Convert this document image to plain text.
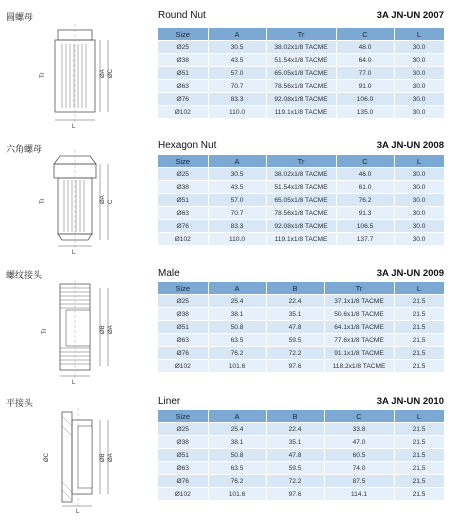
圆螺母
Tr	ØA ØC
L
Round Nut	3A JN-UN 2007
Size	A	Tr	C	L
Ø25	30.5	38.02x1/8 TACME	48.0	30.0
Ø38	43.5	51.54x1/8 TACME	64.0	30.0
Ø51	57.0	65.05x1/8 TACME	77.0	30.0
Ø63	70.7	78.56x1/8 TACME	91.0	30.0
Ø76	83.3	92.08x1/8 TACME	106.0	30.0
Ø102	110.0	119.1x1/8 TACME	135.0	30.0
六角螺母
Tr	ØA C
L
Hexagon Nut	3A JN-UN 2008
Size	A	Tr	C	L
Ø25	30.5	38.02x1/8 TACME	46.0	30.0
Ø38	43.5	51.54x1/8 TACME	61.0	30.0
Ø51	57.0	65.05x1/8 TACME	76.2	30.0
Ø63	70.7	78.56x1/8 TACME	91.3	30.0
Ø76	83.3	92.08x1/8 TACME	106.5	30.0
Ø102	110.0	119.1x1/8 TACME	137.7	30.0
螺纹接头
Tr	ØB ØA
L
Male	3A JN-UN 2009
Size	A	B	Tr	L
Ø25	25.4	22.4	37.1x1/8 TACME	21.5
Ø38	38.1	35.1	50.6x1/8 TACME	21.5
Ø51	50.8	47.8	64.1x1/8 TACME	21.5
Ø63	63.5	59.5	77.6x1/8 TACME	21.5
Ø76	76.2	72.2	91.1x1/8 TACME	21.5
Ø102	101.6	97.6	118.2x1/8 TACME	21.5
平接头
ØC	ØB ØA
L
Liner	3A JN-UN 2010
Size	A	B	C	L
Ø25	25.4	22.4	33.8	21.5
Ø38	38.1	35.1	47.0	21.5
Ø51	50.8	47.8	60.5	21.5
Ø63	63.5	59.5	74.0	21.5
Ø76	76.2	72.2	87.5	21.5
Ø102	101.6	97.6	114.1	21.5
